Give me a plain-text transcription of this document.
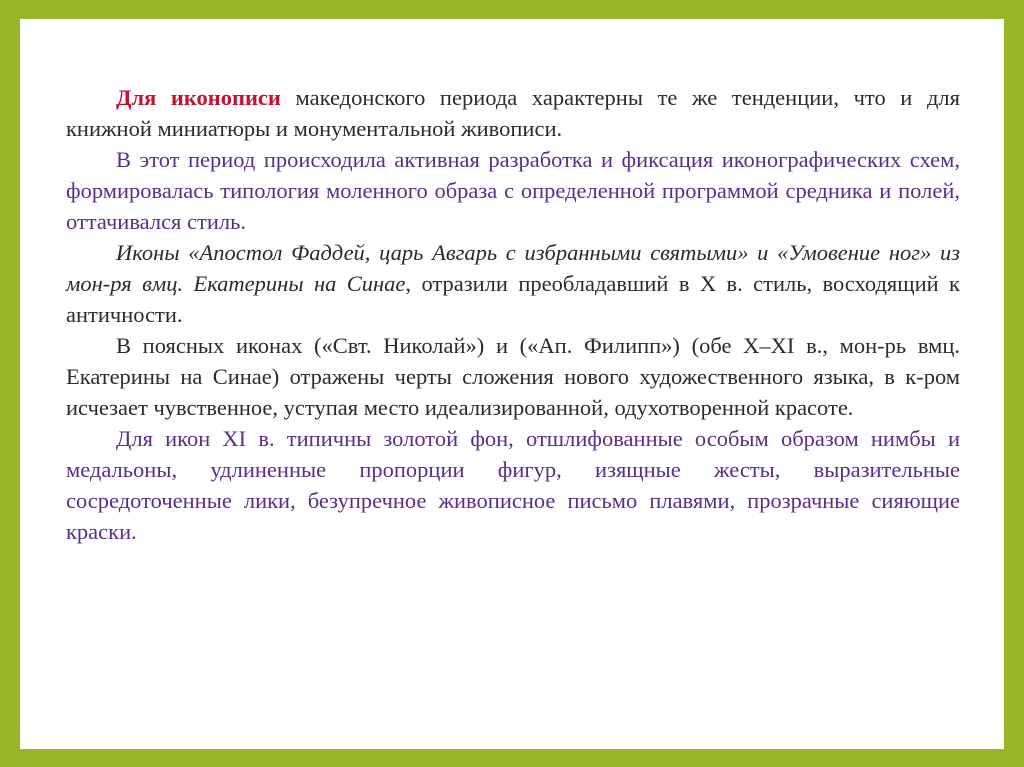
Для иконописи македонского периода характерны те же тенденции, что и для книжной миниатюры и монументальной живописи.

В этот период происходила активная разработка и фиксация иконографических схем, формировалась типология моленного образа с определенной программой средника и полей, оттачивался стиль.

Иконы «Апостол Фаддей, царь Авгарь с избранными святыми» и «Умовение ног» из мон-ря вмц. Екатерины на Синае, отразили преобладавший в X в. стиль, восходящий к античности.

В поясных иконах («Свт. Николай») и («Ап. Филипп») (обе X–XI в., мон-рь вмц. Екатерины на Синае) отражены черты сложения нового художественного языка, в к-ром исчезает чувственное, уступая место идеализированной, одухотворенной красоте.

Для икон XI в. типичны золотой фон, отшлифованные особым образом нимбы и медальоны, удлиненные пропорции фигур, изящные жесты, выразительные сосредоточенные лики, безупречное живописное письмо плавями, прозрачные сияющие краски.
